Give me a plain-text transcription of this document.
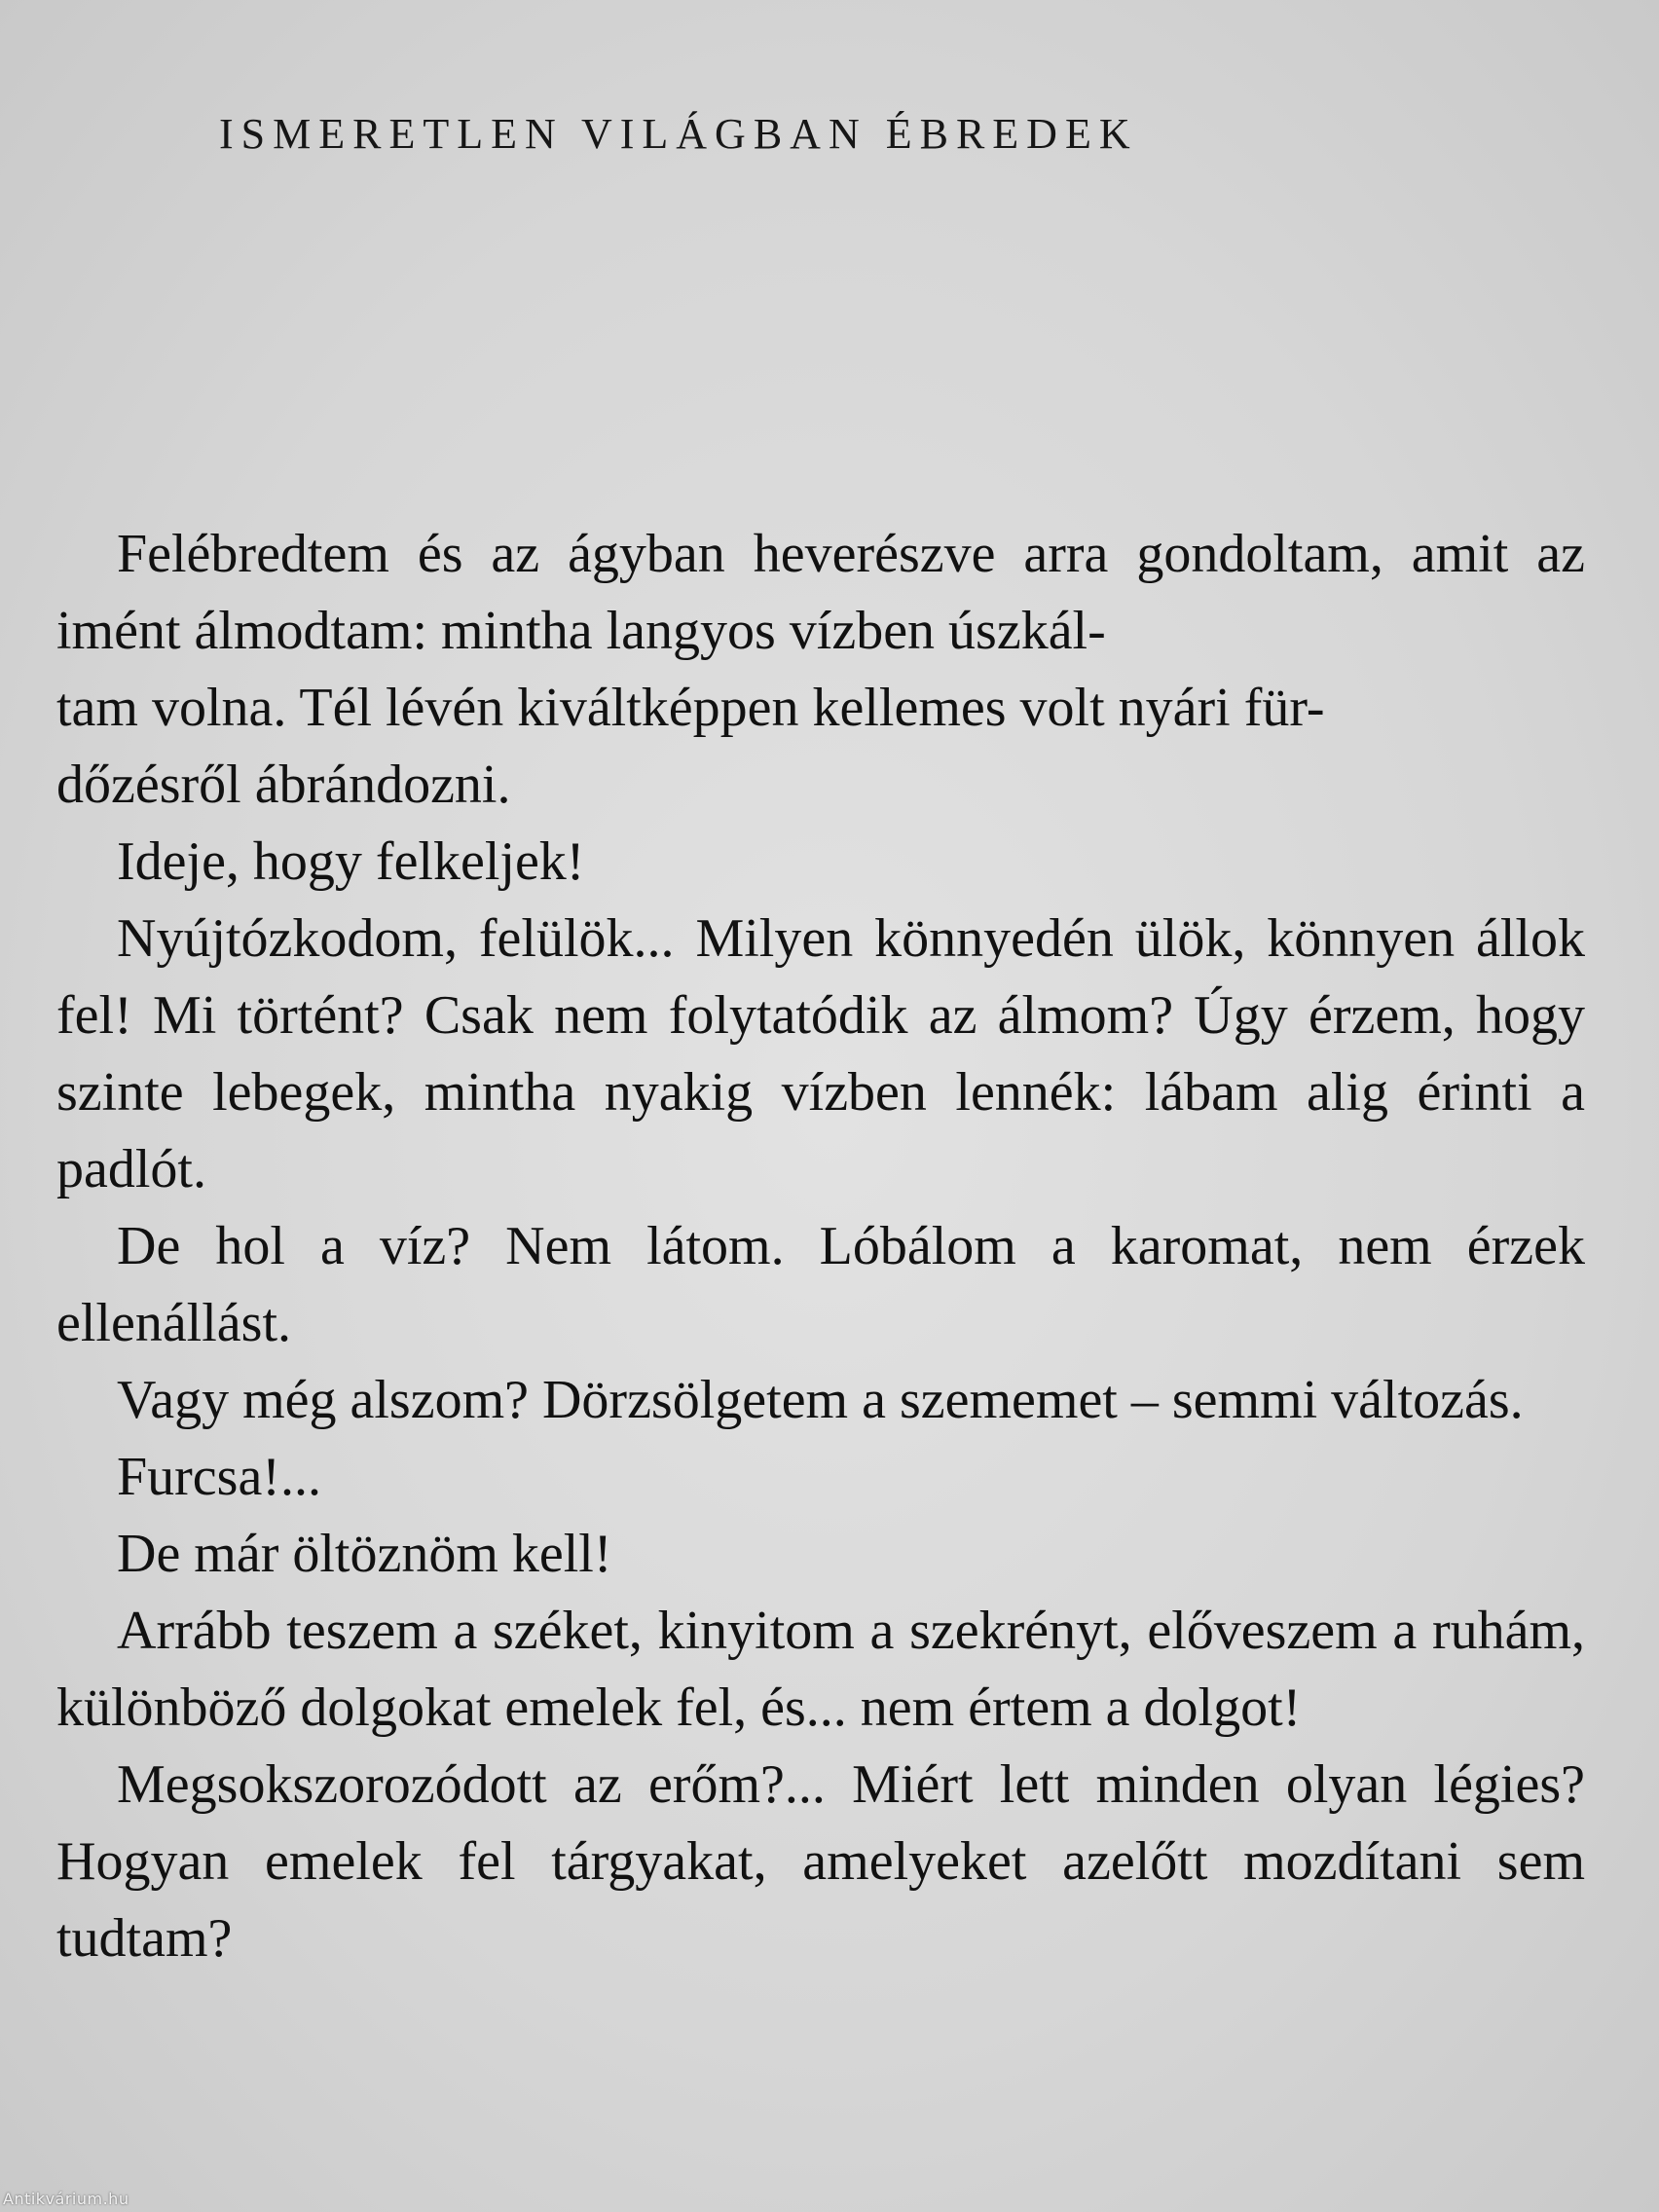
ISMERETLEN VILÁGBAN ÉBREDEK

Felébredtem és az ágyban heverészve arra gondoltam, amit az imént álmodtam: mintha langyos vízben úszkál-
tam volna. Tél lévén kiváltképpen kellemes volt nyári für-
dőzésről ábrándozni.

Ideje, hogy felkeljek!

Nyújtózkodom, felülök... Milyen könnyedén ülök, könnyen állok fel! Mi történt? Csak nem folytatódik az álmom? Úgy érzem, hogy szinte lebegek, mintha nyakig vízben lennék: lábam alig érinti a padlót.

De hol a víz? Nem látom. Lóbálom a karomat, nem érzek ellenállást.

Vagy még alszom? Dörzsölgetem a szememet – semmi változás.

Furcsa!...

De már öltöznöm kell!

Arrább teszem a széket, kinyitom a szekrényt, előveszem a ruhám, különböző dolgokat emelek fel, és... nem értem a dolgot!

Megsokszorozódott az erőm?... Miért lett minden olyan légies? Hogyan emelek fel tárgyakat, amelyeket azelőtt mozdítani sem tudtam?

Antikvárium.hu
